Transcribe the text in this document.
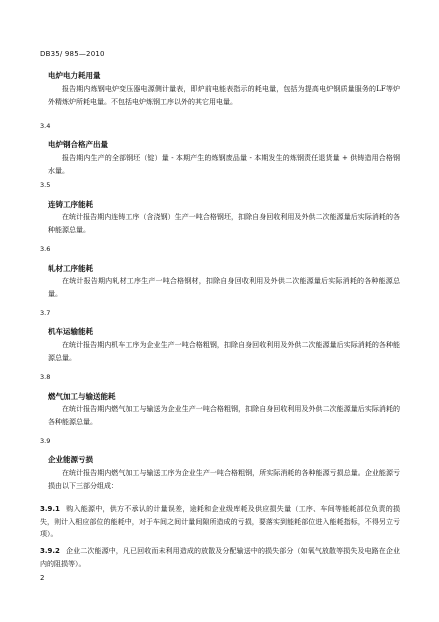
DB35/ 985—2010
电炉电力耗用量
报告期内炼钢电炉变压器电源侧计量表，即炉前电能表指示的耗电量，包括为提高电炉钢质量服务的LF等炉外精炼炉所耗电量。不包括电炉炼钢工序以外的其它用电量。
3.4
电炉钢合格产出量
报告期内生产的全部钢坯（锭）量 - 本期产生的炼钢废品量 - 本期发生的炼钢责任退货量 + 供铸造用合格钢水量。
3.5
连铸工序能耗
在统计报告期内连铸工序（含浇钢）生产一吨合格钢坯，扣除自身回收利用及外供二次能源量后实际消耗的各种能源总量。
3.6
轧材工序能耗
在统计报告期内轧材工序生产一吨合格钢材，扣除自身回收利用及外供二次能源量后实际消耗的各种能源总量。
3.7
机车运输能耗
在统计报告期内机车工序为企业生产一吨合格粗钢，扣除自身回收利用及外供二次能源量后实际消耗的各种能源总量。
3.8
燃气加工与输送能耗
在统计报告期内燃气加工与输送为企业生产一吨合格粗钢，扣除自身回收利用及外供二次能源量后实际消耗的各种能源总量。
3.9
企业能源亏损
在统计报告期内燃气加工与输送工序为企业生产一吨合格粗钢，所实际消耗的各种能源亏损总量。企业能源亏损由以下三部分组成：
3.9.1 购入能源中，供方不承认的计量误差，途耗和企业级库耗及供应损失量（工序、车间等能耗部位负责的损失，则计入相应部位的能耗中，对于车间之间计量间隙所造成的亏损，要落实到能耗部位进入能耗指标，不得另立亏项）。
3.9.2 企业二次能源中，凡已回收而未利用造成的放散及分配输送中的损失部分（如氧气放散等损失及电路在企业内的阻损等）。
2
